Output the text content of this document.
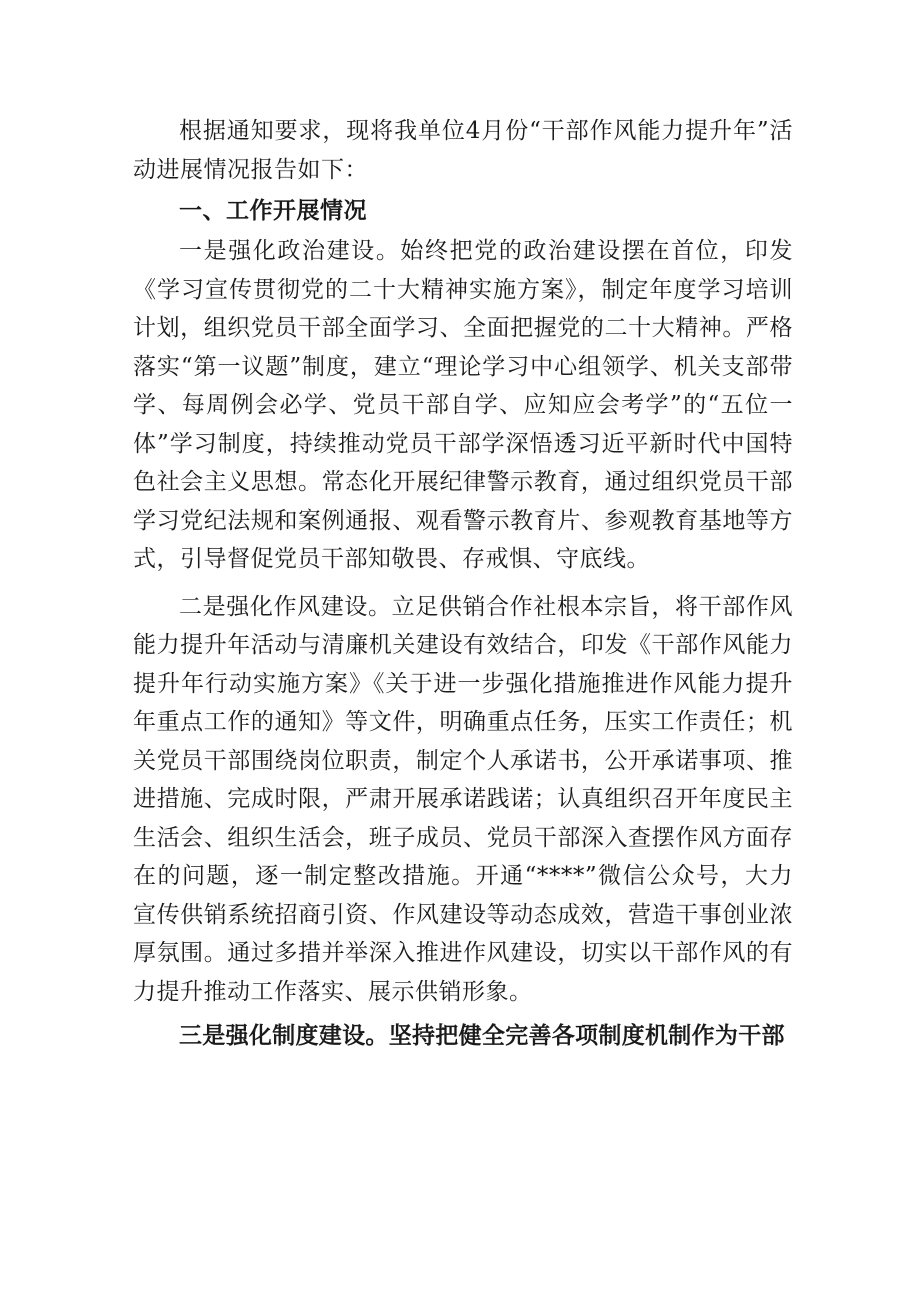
根据通知要求，现将我单位4月份“干部作风能力提升年”活动进展情况报告如下：

一、工作开展情况

一是强化政治建设。始终把党的政治建设摆在首位，印发《学习宣传贯彻党的二十大精神实施方案》，制定年度学习培训计划，组织党员干部全面学习、全面把握党的二十大精神。严格落实“第一议题”制度，建立“理论学习中心组领学、机关支部带学、每周例会必学、党员干部自学、应知应会考学”的“五位一体”学习制度，持续推动党员干部学深悟透习近平新时代中国特色社会主义思想。常态化开展纪律警示教育，通过组织党员干部学习党纪法规和案例通报、观看警示教育片、参观教育基地等方式，引导督促党员干部知敬畏、存戒惧、守底线。

二是强化作风建设。立足供销合作社根本宗旨，将干部作风能力提升年活动与清廉机关建设有效结合，印发《干部作风能力提升年行动实施方案》《关于进一步强化措施推进作风能力提升年重点工作的通知》等文件，明确重点任务，压实工作责任；机关党员干部围绕岗位职责，制定个人承诺书，公开承诺事项、推进措施、完成时限，严肃开展承诺践诺；认真组织召开年度民主生活会、组织生活会，班子成员、党员干部深入查摆作风方面存在的问题，逐一制定整改措施。开通“****”微信公众号，大力宣传供销系统招商引资、作风建设等动态成效，营造干事创业浓厚氛围。通过多措并举深入推进作风建设，切实以干部作风的有力提升推动工作落实、展示供销形象。

三是强化制度建设。坚持把健全完善各项制度机制作为干部
